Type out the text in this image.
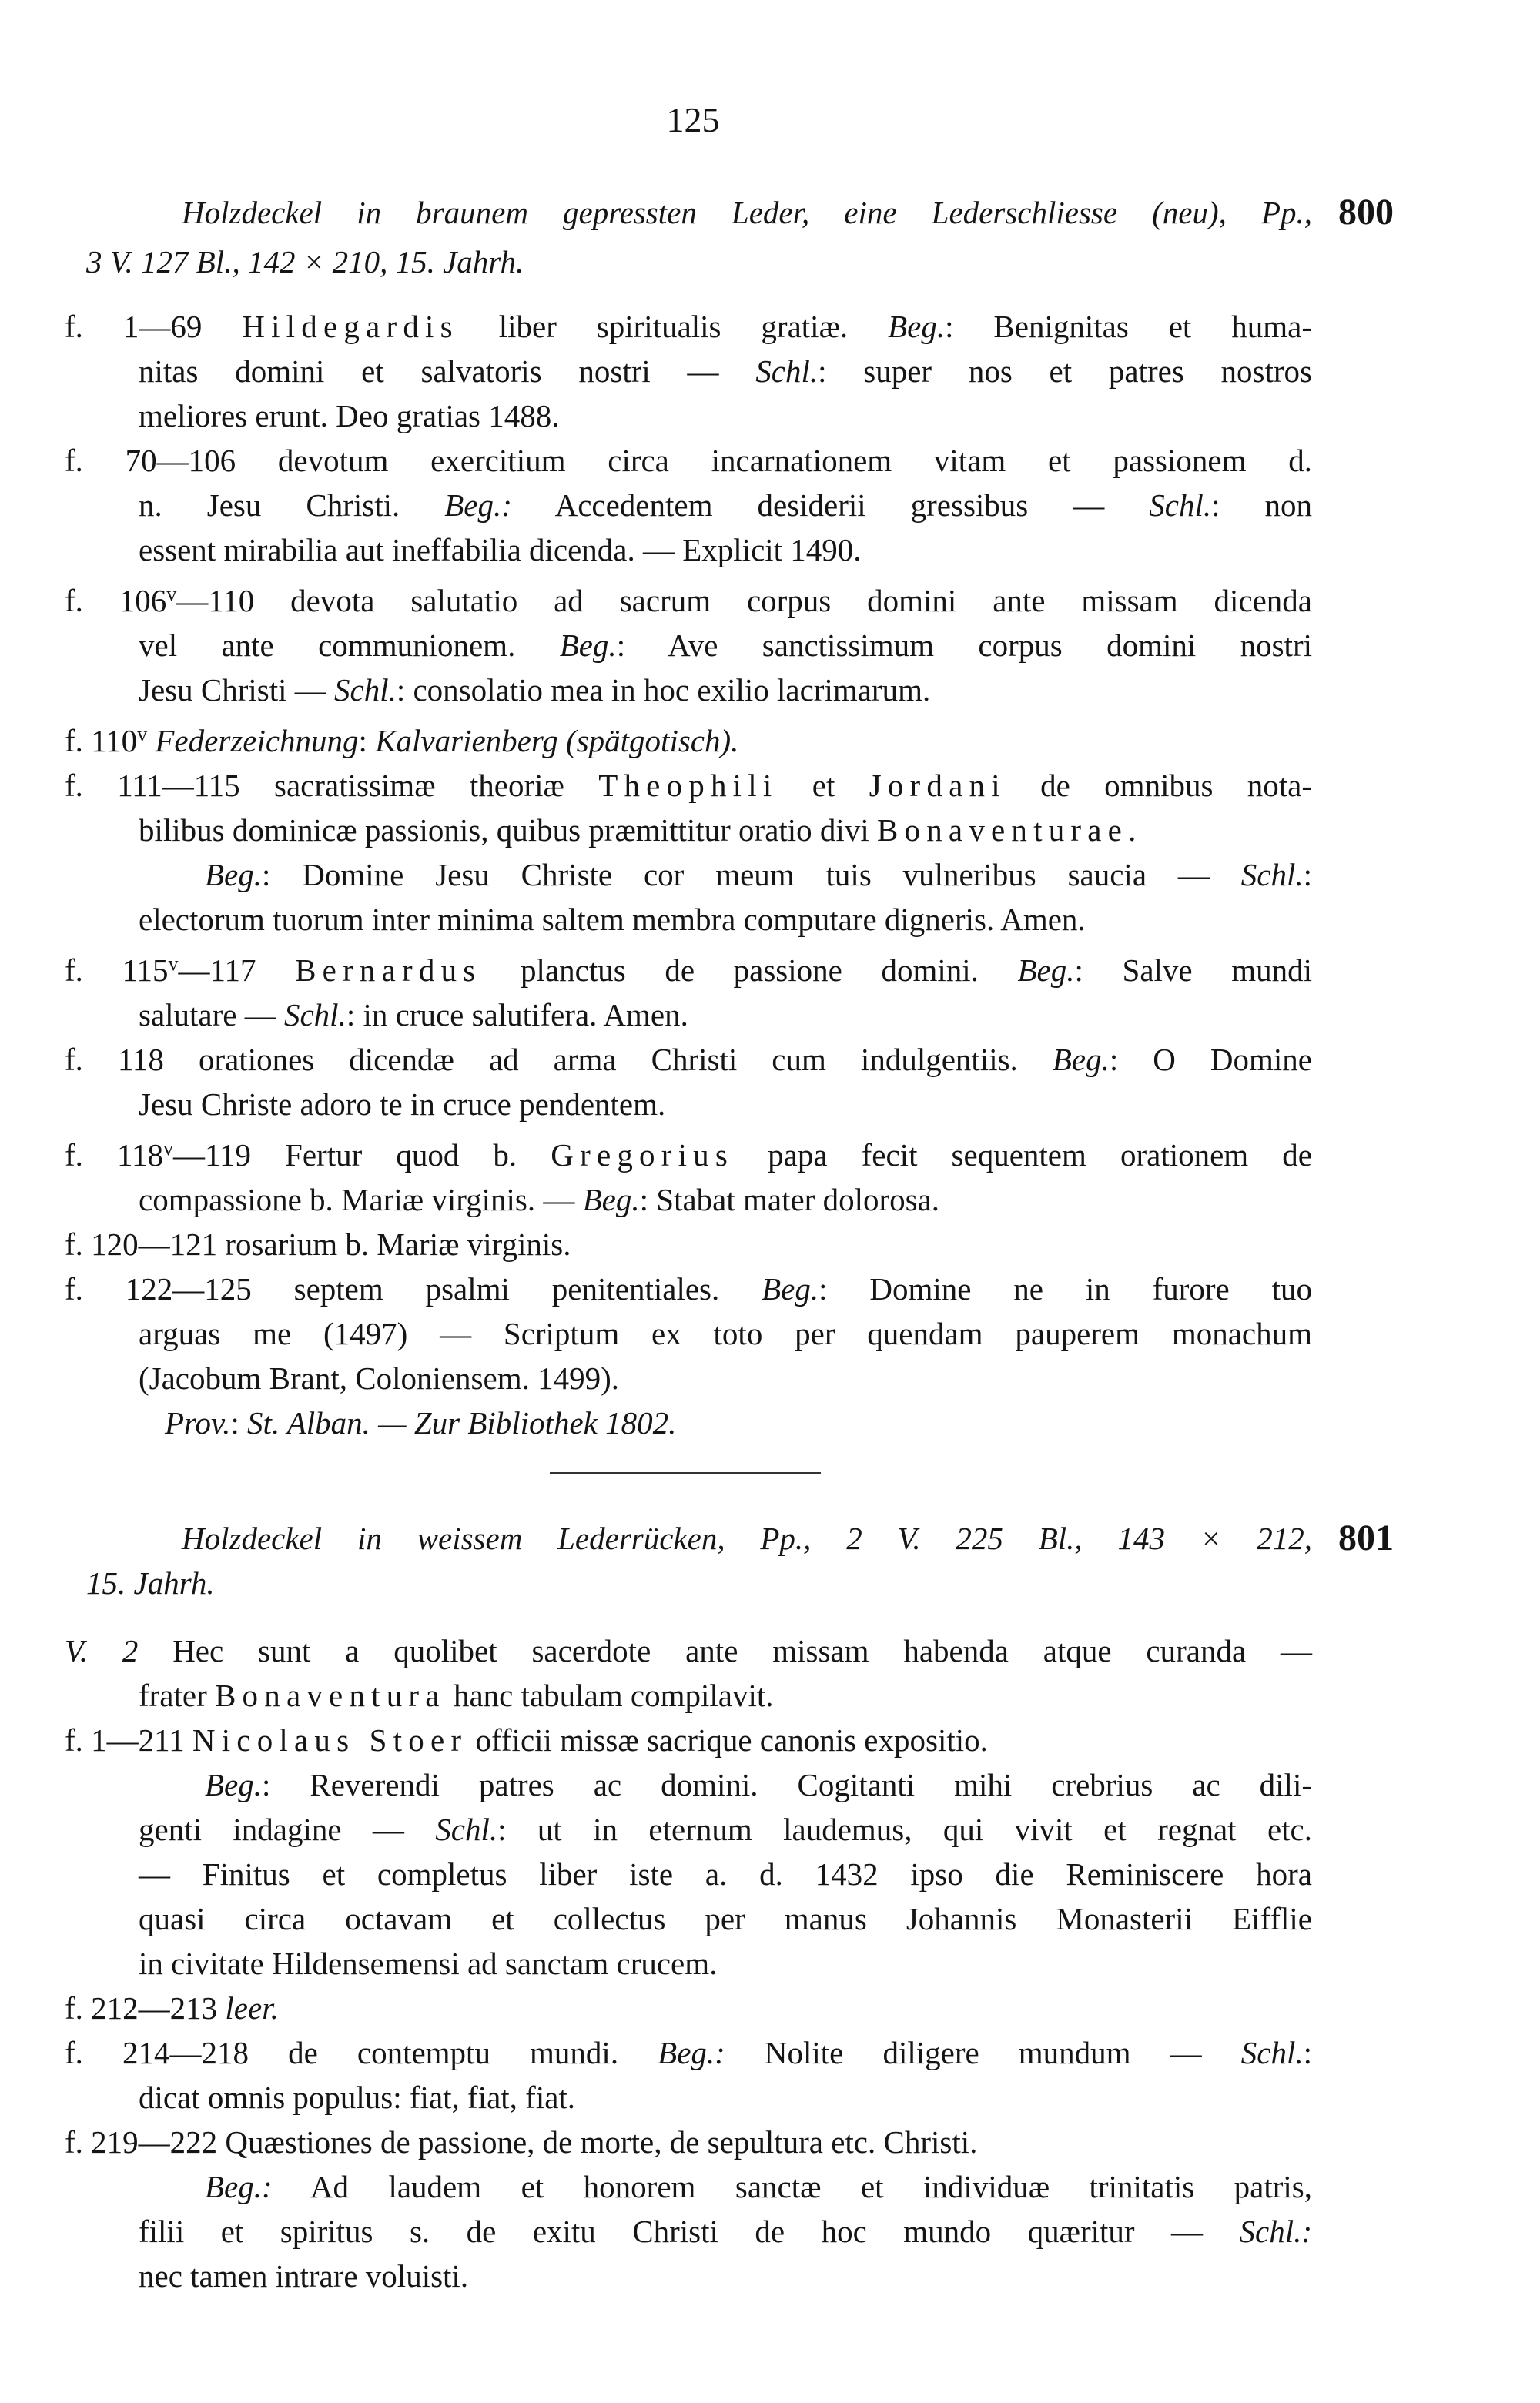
125
Holzdeckel in braunem gepressten Leder, eine Lederschliesse (neu), Pp., 800
3 V. 127 Bl., 142 × 210, 15. Jahrh.
f. 1—69 Hildegardis liber spiritualis gratiæ. Beg.: Benignitas et huma-
nitas domini et salvatoris nostri — Schl.: super nos et patres nostros
meliores erunt. Deo gratias 1488.
f. 70—106 devotum exercitium circa incarnationem vitam et passionem d.
n. Jesu Christi. Beg.: Accedentem desiderii gressibus — Schl.: non
essent mirabilia aut ineffabilia dicenda. — Explicit 1490.
f. 106$^v$—110 devota salutatio ad sacrum corpus domini ante missam dicenda
vel ante communionem. Beg.: Ave sanctissimum corpus domini nostri
Jesu Christi — Schl.: consolatio mea in hoc exilio lacrimarum.
f. 110$^v$ Federzeichnung: Kalvarienberg (spätgotisch).
f. 111—115 sacratissimæ theoriæ Theophili et Jordani de omnibus nota-
bilibus dominicæ passionis, quibus præmittitur oratio divi Bonaventurae.
Beg.: Domine Jesu Christe cor meum tuis vulneribus saucia — Schl.:
electorum tuorum inter minima saltem membra computare digneris. Amen.
f. 115$^v$—117 Bernardus planctus de passione domini. Beg.: Salve mundi
salutare — Schl.: in cruce salutifera. Amen.
f. 118 orationes dicendæ ad arma Christi cum indulgentiis. Beg.: O Domine
Jesu Christe adoro te in cruce pendentem.
f. 118$^v$—119 Fertur quod b. Gregorius papa fecit sequentem orationem de
compassione b. Mariæ virginis. — Beg.: Stabat mater dolorosa.
f. 120—121 rosarium b. Mariæ virginis.
f. 122—125 septem psalmi penitentiales. Beg.: Domine ne in furore tuo
arguas me (1497) — Scriptum ex toto per quendam pauperem monachum
(Jacobum Brant, Coloniensem. 1499).
Prov.: St. Alban. — Zur Bibliothek 1802.
Holzdeckel in weissem Lederrücken, Pp., 2 V. 225 Bl., 143 × 212, 801
15. Jahrh.
V. 2 Hec sunt a quolibet sacerdote ante missam habenda atque curanda —
frater Bonaventura hanc tabulam compilavit.
f. 1—211 Nicolaus Stoer officii missæ sacrique canonis expositio.
Beg.: Reverendi patres ac domini. Cogitanti mihi crebrius ac dili-
genti indagine — Schl.: ut in eternum laudemus, qui vivit et regnat etc.
— Finitus et completus liber iste a. d. 1432 ipso die Reminiscere hora
quasi circa octavam et collectus per manus Johannis Monasterii Eifflie
in civitate Hildensemensi ad sanctam crucem.
f. 212—213 leer.
f. 214—218 de contemptu mundi. Beg.: Nolite diligere mundum — Schl.:
dicat omnis populus: fiat, fiat, fiat.
f. 219—222 Quæstiones de passione, de morte, de sepultura etc. Christi.
Beg.: Ad laudem et honorem sanctæ et individuæ trinitatis patris,
filii et spiritus s. de exitu Christi de hoc mundo quæritur — Schl.:
nec tamen intrare voluisti.
